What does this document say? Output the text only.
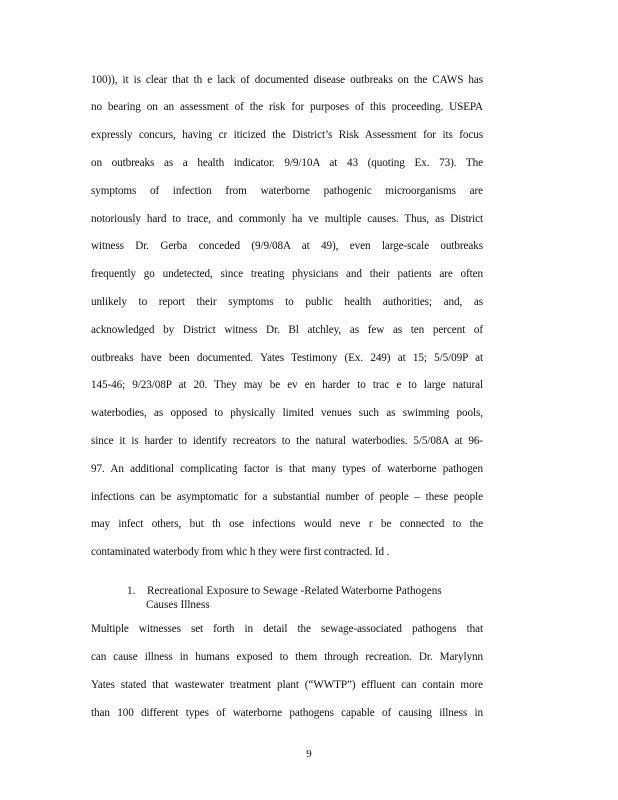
100)), it is clear that th e lack of documented disease outbreaks on the CAWS has
no bearing on an assessment of the risk for purposes of this proceeding. USEPA
expressly concurs, having cr iticized the District’s Risk Assessment for its focus
on outbreaks as a health indicator. 9/9/10A at 43 (quoting Ex. 73). The
symptoms of infection from waterborne pathogenic microorganisms are
notoriously hard to trace, and commonly ha ve multiple causes. Thus, as District
witness Dr. Gerba conceded (9/9/08A at 49), even large-scale outbreaks
frequently go undetected, since treating physicians and their patients are often
unlikely to report their symptoms to public health authorities; and, as
acknowledged by District witness Dr. Bl atchley, as few as ten percent of
outbreaks have been documented. Yates Testimony (Ex. 249) at 15; 5/5/09P at
145-46; 9/23/08P at 20. They may be ev en harder to trac e to large natural
waterbodies, as opposed to physically limited venues such as swimming pools,
since it is harder to identify recreators to the natural waterbodies. 5/5/08A at 96-
97. An additional complicating factor is that many types of waterborne pathogen
infections can be asymptomatic for a substantial number of people – these people
may infect others, but th ose infections would neve r be connected to the
contaminated waterbody from whic h they were first contracted. Id .
1. Recreational Exposure to Sewage -Related Waterborne Pathogens
Causes Illness
Multiple witnesses set forth in detail the sewage-associated pathogens that
can cause illness in humans exposed to them through recreation. Dr. Marylynn
Yates stated that wastewater treatment plant (“WWTP”) effluent can contain more
than 100 different types of waterborne pathogens capable of causing illness in
9
